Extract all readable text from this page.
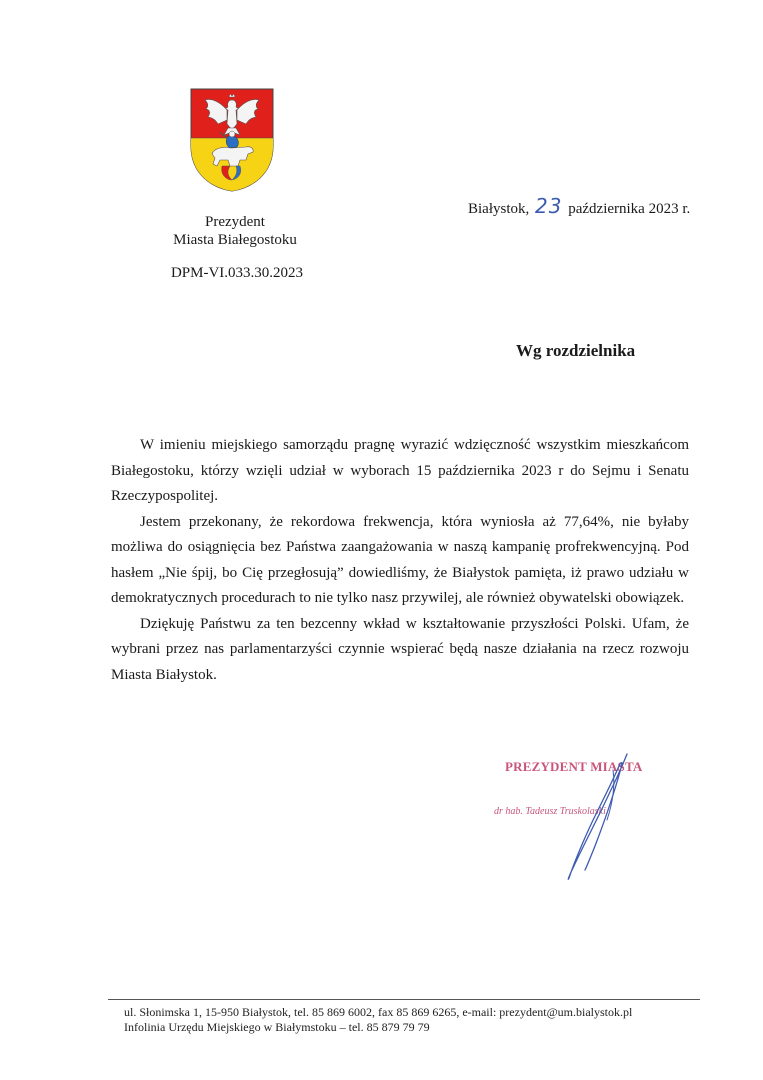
Prezydent
Miasta Białegostoku
DPM-VI.033.30.2023
Białystok, 23 października 2023 r.
Wg rozdzielnika

W imieniu miejskiego samorządu pragnę wyrazić wdzięczność wszystkim mieszkańcom Białegostoku, którzy wzięli udział w wyborach 15 października 2023 r do Sejmu i Senatu Rzeczypospolitej.

Jestem przekonany, że rekordowa frekwencja, która wyniosła aż 77,64%, nie byłaby możliwa do osiągnięcia bez Państwa zaangażowania w naszą kampanię profrekwencyjną. Pod hasłem „Nie śpij, bo Cię przegłosują” dowiedliśmy, że Białystok pamięta, iż prawo udziału w demokratycznych procedurach to nie tylko nasz przywilej, ale również obywatelski obowiązek.

Dziękuję Państwu za ten bezcenny wkład w kształtowanie przyszłości Polski. Ufam, że wybrani przez nas parlamentarzyści czynnie wspierać będą nasze działania na rzecz rozwoju Miasta Białystok.

PREZYDENT MIASTA
dr hab. Tadeusz Truskolaski
ul. Słonimska 1, 15-950 Białystok, tel. 85 869 6002, fax 85 869 6265, e-mail: prezydent@um.bialystok.pl
Infolinia Urzędu Miejskiego w Białymstoku – tel. 85 879 79 79
